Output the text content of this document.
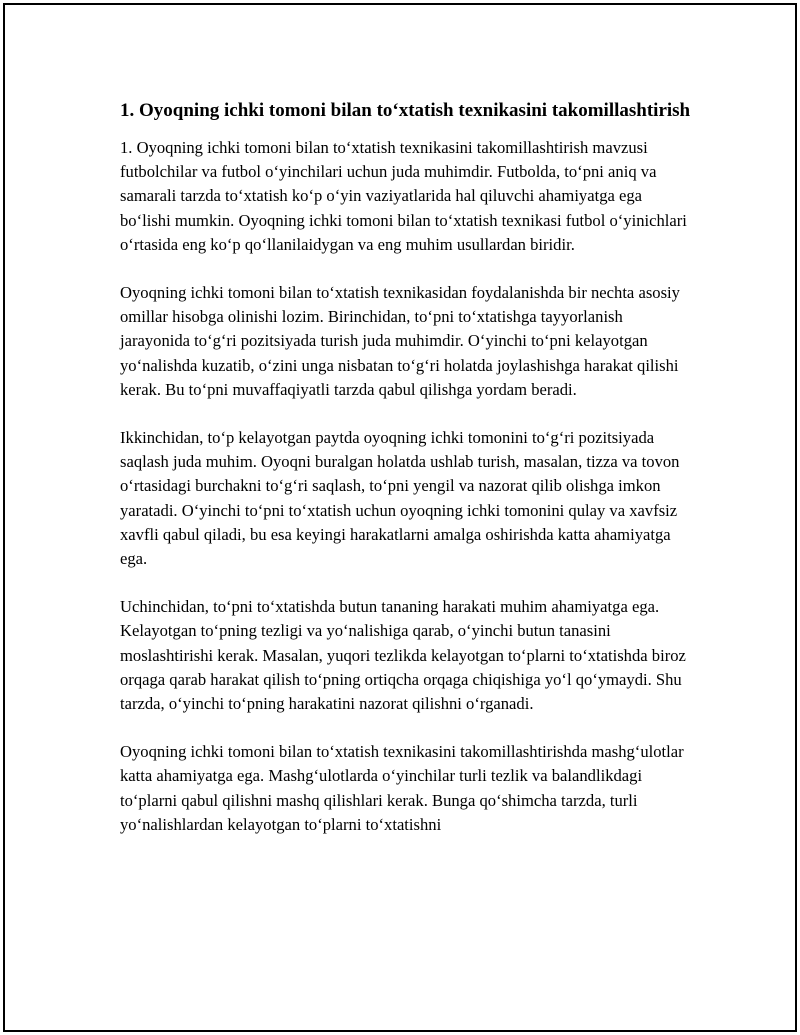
1. Oyoqning ichki tomoni bilan to‘xtatish texnikasini takomillashtirish

1. Oyoqning ichki tomoni bilan to‘xtatish texnikasini takomillashtirish mavzusi futbolchilar va futbol o‘yinchilari uchun juda muhimdir. Futbolda, to‘pni aniq va samarali tarzda to‘xtatish ko‘p o‘yin vaziyatlarida hal qiluvchi ahamiyatga ega bo‘lishi mumkin. Oyoqning ichki tomoni bilan to‘xtatish texnikasi futbol o‘yinichlari o‘rtasida eng ko‘p qo‘llanilaidygan va eng muhim usullardan biridir.

Oyoqning ichki tomoni bilan to‘xtatish texnikasidan foydalanishda bir nechta asosiy omillar hisobga olinishi lozim. Birinchidan, to‘pni to‘xtatishga tayyorlanish jarayonida to‘g‘ri pozitsiyada turish juda muhimdir. O‘yinchi to‘pni kelayotgan yo‘nalishda kuzatib, o‘zini unga nisbatan to‘g‘ri holatda joylashishga harakat qilishi kerak. Bu to‘pni muvaffaqiyatli tarzda qabul qilishga yordam beradi.

Ikkinchidan, to‘p kelayotgan paytda oyoqning ichki tomonini to‘g‘ri pozitsiyada saqlash juda muhim. Oyoqni buralgan holatda ushlab turish, masalan, tizza va tovon o‘rtasidagi burchakni to‘g‘ri saqlash, to‘pni yengil va nazorat qilib olishga imkon yaratadi. O‘yinchi to‘pni to‘xtatish uchun oyoqning ichki tomonini qulay va xavfsiz xavfli qabul qiladi, bu esa keyingi harakatlarni amalga oshirishda katta ahamiyatga ega.

Uchinchidan, to‘pni to‘xtatishda butun tananing harakati muhim ahamiyatga ega. Kelayotgan to‘pning tezligi va yo‘nalishiga qarab, o‘yinchi butun tanasini moslashtirishi kerak. Masalan, yuqori tezlikda kelayotgan to‘plarni to‘xtatishda biroz orqaga qarab harakat qilish to‘pning ortiqcha orqaga chiqishiga yo‘l qo‘ymaydi. Shu tarzda, o‘yinchi to‘pning harakatini nazorat qilishni o‘rganadi.

Oyoqning ichki tomoni bilan to‘xtatish texnikasini takomillashtirishda mashg‘ulotlar katta ahamiyatga ega. Mashg‘ulotlarda o‘yinchilar turli tezlik va balandlikdagi to‘plarni qabul qilishni mashq qilishlari kerak. Bunga qo‘shimcha tarzda, turli yo‘nalishlardan kelayotgan to‘plarni to‘xtatishni
